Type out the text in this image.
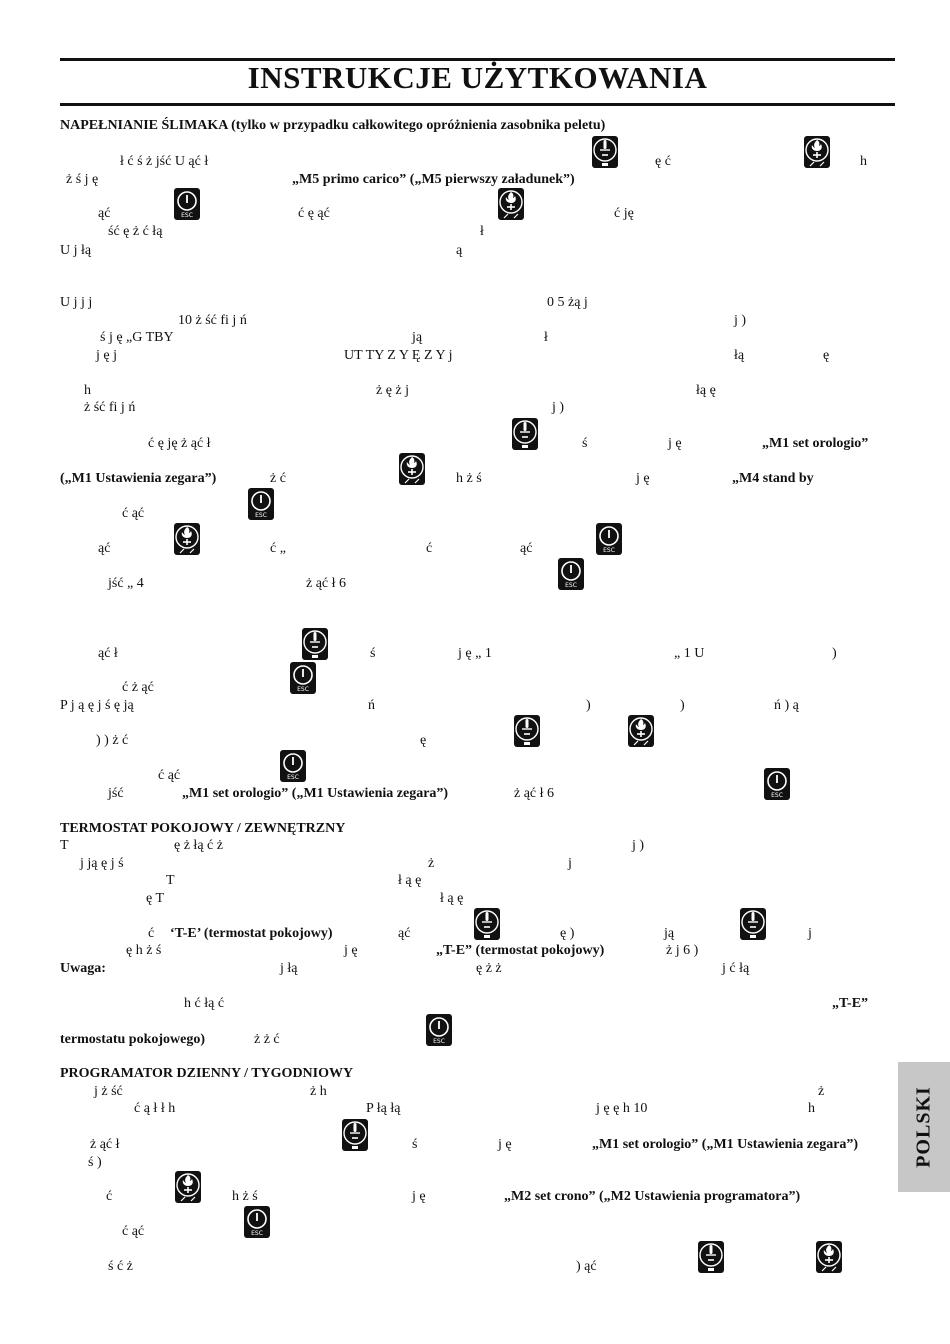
INSTRUKCJE UŻYTKOWANIA
NAPEŁNIANIE ŚLIMAKA (tylko w przypadku całkowitego opróżnienia zasobnika peletu)
ł ć ś ż jść U ąć ł	ę ć	h
ż ś j ę	„M5 primo carico” („M5 pierwszy załadunek”)
ąć	ESC	ć ę ąć	ć ję
ść ę ż ć łą	ł
U j łą	ą
U j j j	0 5 żą j
10 ż ść fi j ń	j )
ś j ę „G TBY	ją	ł
j ę j	UT TY Z Y Ę Z Y j	łą	ę
h	ż ę ż j	łą ę
ż ść fi j ń	j )
ć ę ję ż ąć ł	ś	j ę	„M1 set orologio”
(„M1 Ustawienia zegara”)	ż ć	h ż ś	j ę	„M4 stand by
ć ąć	ESC
ąć	ć „	ć	ąć	ESC
jść „ 4	ż ąć ł 6	ESC
ąć ł	ś	j ę „ 1	„ 1 U	)
ć ż ąć	ESC
P j ą ę j ś ę ją	ń	)	)	ń ) ą
) ) ż ć	ę
ć ąć	ESC
jść	„M1 set orologio” („M1 Ustawienia zegara”)	ż ąć ł 6	ESC
TERMOSTAT POKOJOWY / ZEWNĘTRZNY
T	ę ż łą ć ż	j )
j ją ę j ś	ż	j
T	ł ą ę
ę T	ł ą ę
ć ‘T-E’ (termostat pokojowy)	ąć	ę )	ją	j
ę h ż ś	j ę	„T-E” (termostat pokojowy)	ż j 6 )
Uwaga:	j łą	ę ż ż	j ć łą
h ć łą ć	„T-E”
termostatu pokojowego)	ż ż ć	ESC
PROGRAMATOR DZIENNY / TYGODNIOWY
j ż ść	ż h	ż
ć ą ł ł h	P łą łą	j ę ę h 10	h
ż ąć ł	ś	j ę	„M1 set orologio” („M1 Ustawienia zegara”)
ś )
ć	h ż ś	j ę	„M2 set crono” („M2 Ustawienia programatora”)
ć ąć	ESC
ś ć ż	) ąć
POLSKI
